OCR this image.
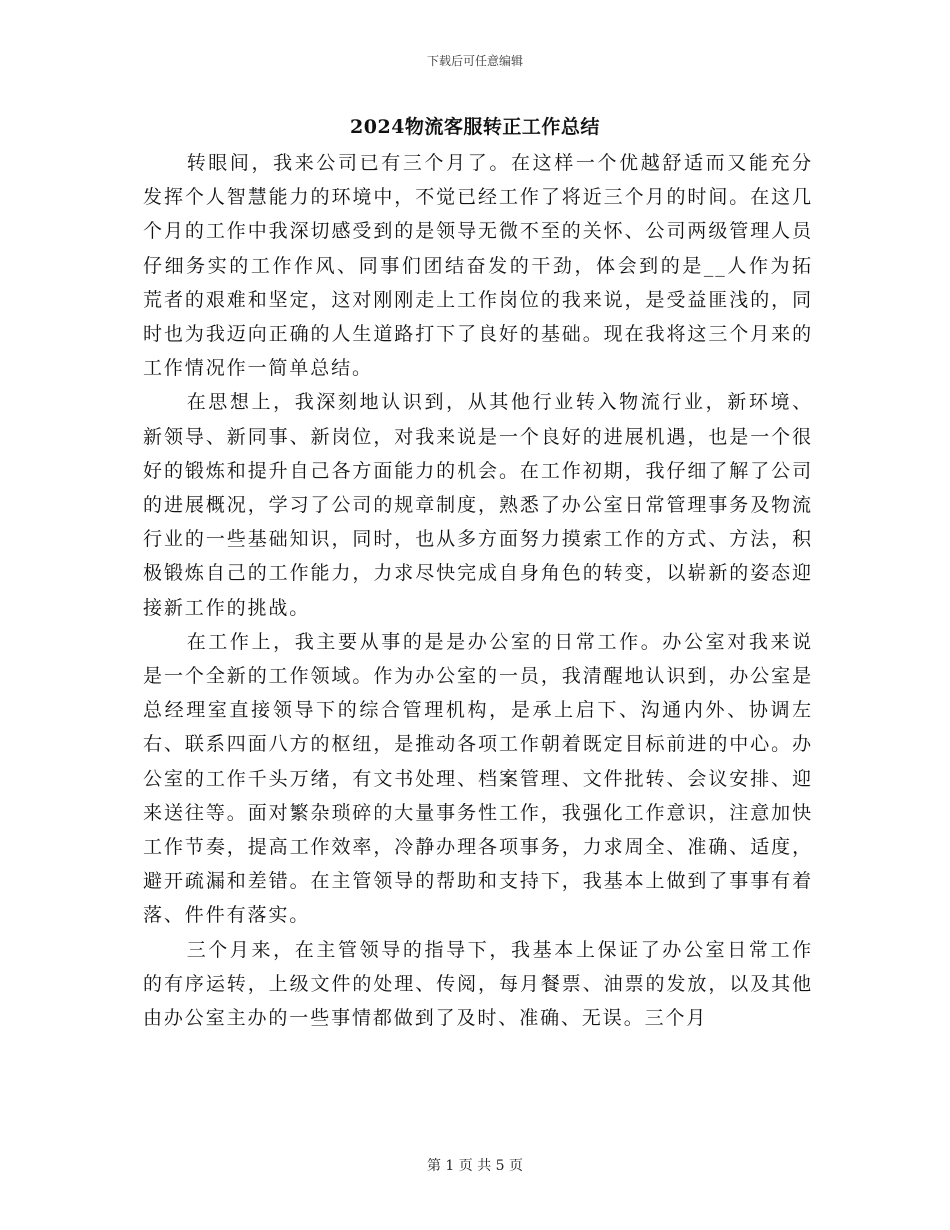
下载后可任意编辑
2024物流客服转正工作总结

转眼间，我来公司已有三个月了。在这样一个优越舒适而又能充分发挥个人智慧能力的环境中，不觉已经工作了将近三个月的时间。在这几个月的工作中我深切感受到的是领导无微不至的关怀、公司两级管理人员仔细务实的工作作风、同事们团结奋发的干劲，体会到的是__人作为拓荒者的艰难和坚定，这对刚刚走上工作岗位的我来说，是受益匪浅的，同时也为我迈向正确的人生道路打下了良好的基础。现在我将这三个月来的工作情况作一简单总结。

在思想上，我深刻地认识到，从其他行业转入物流行业，新环境、新领导、新同事、新岗位，对我来说是一个良好的进展机遇，也是一个很好的锻炼和提升自己各方面能力的机会。在工作初期，我仔细了解了公司的进展概况，学习了公司的规章制度，熟悉了办公室日常管理事务及物流行业的一些基础知识，同时，也从多方面努力摸索工作的方式、方法，积极锻炼自己的工作能力，力求尽快完成自身角色的转变，以崭新的姿态迎接新工作的挑战。

在工作上，我主要从事的是是办公室的日常工作。办公室对我来说是一个全新的工作领域。作为办公室的一员，我清醒地认识到，办公室是总经理室直接领导下的综合管理机构，是承上启下、沟通内外、协调左右、联系四面八方的枢纽，是推动各项工作朝着既定目标前进的中心。办公室的工作千头万绪，有文书处理、档案管理、文件批转、会议安排、迎来送往等。面对繁杂琐碎的大量事务性工作，我强化工作意识，注意加快工作节奏，提高工作效率，冷静办理各项事务，力求周全、准确、适度，避开疏漏和差错。在主管领导的帮助和支持下，我基本上做到了事事有着落、件件有落实。

三个月来，在主管领导的指导下，我基本上保证了办公室日常工作的有序运转，上级文件的处理、传阅，每月餐票、油票的发放，以及其他由办公室主办的一些事情都做到了及时、准确、无误。三个月

第 1 页 共 5 页
